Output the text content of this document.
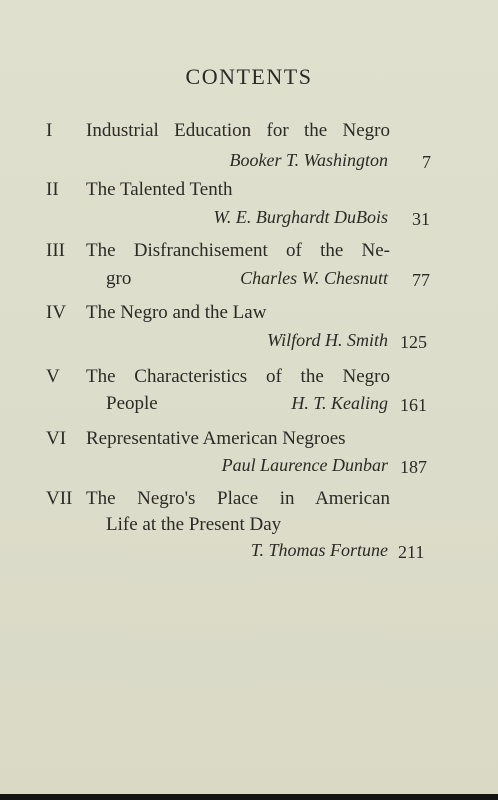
CONTENTS
I Industrial Education for the Negro
Booker T. Washington 7
II The Talented Tenth
W. E. Burghardt DuBois 31
III The Disfranchisement of the Ne-
gro	Charles W. Chesnutt 77
IV The Negro and the Law
Wilford H. Smith 125
V The Characteristics of the Negro
People	H. T. Kealing 161
VI Representative American Negroes
Paul Laurence Dunbar 187
VII The Negro's Place in American
Life at the Present Day
T. Thomas Fortune 211
